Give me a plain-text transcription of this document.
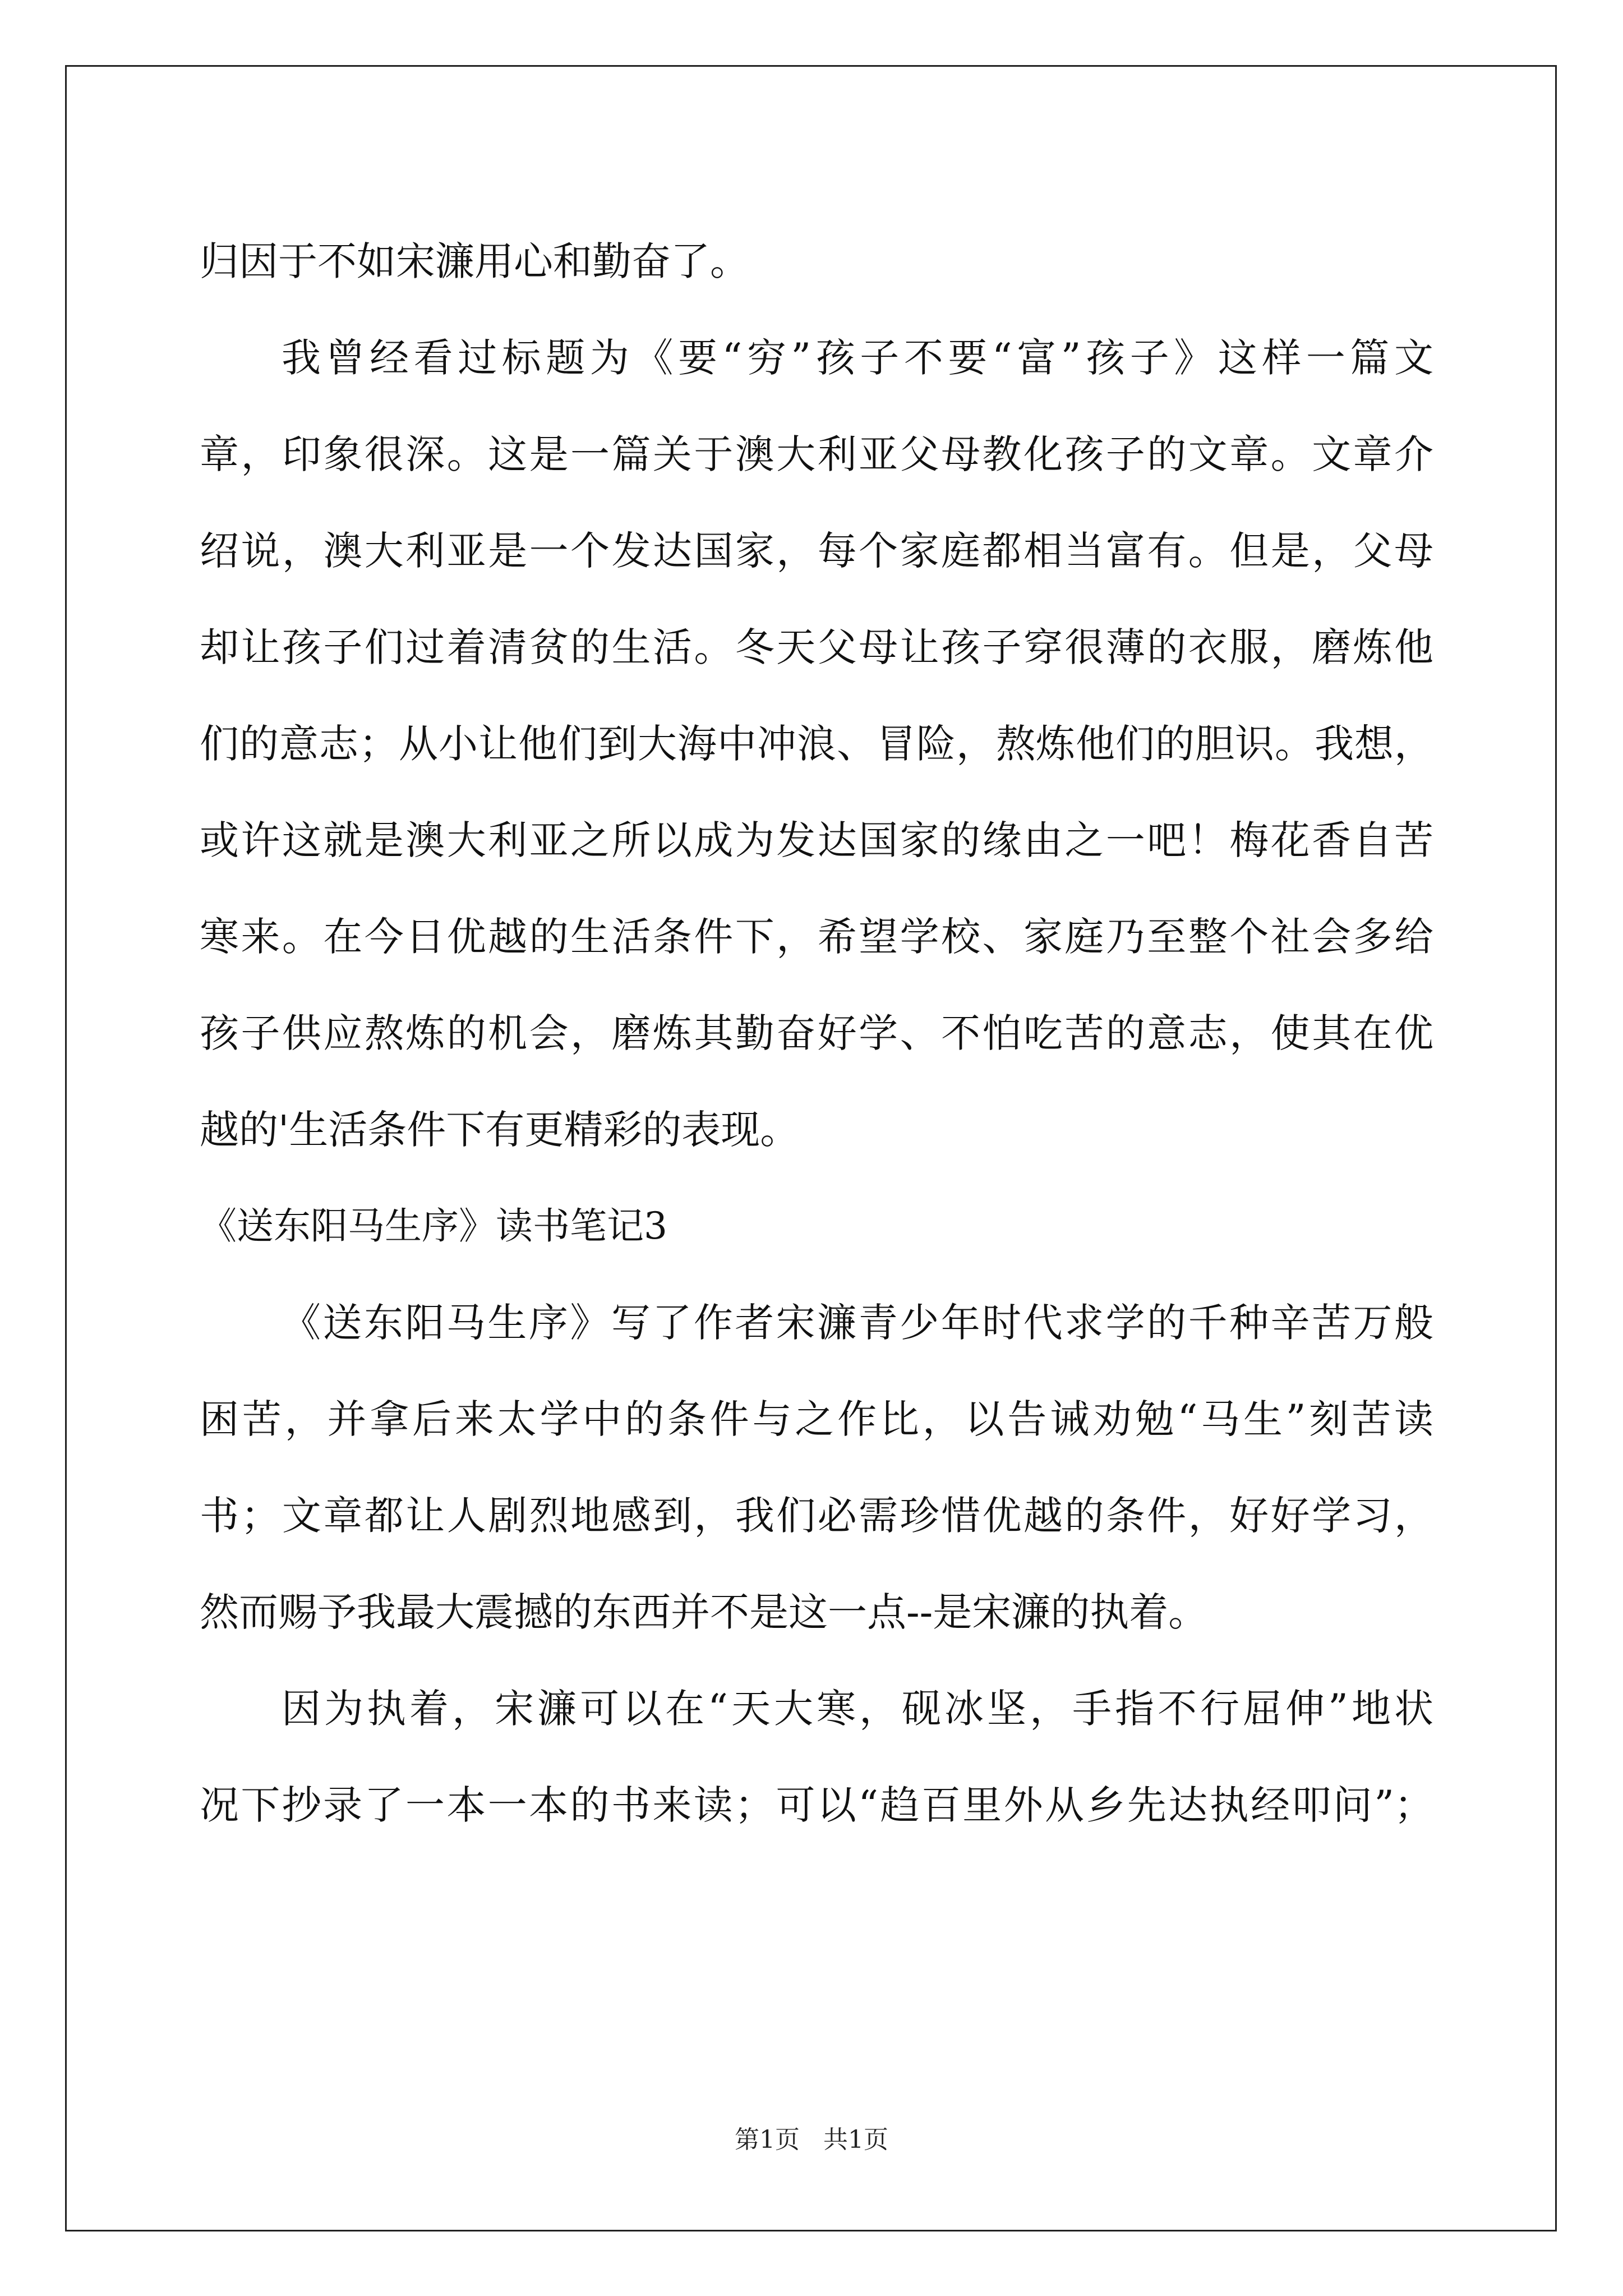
归因于不如宋濂用心和勤奋了。
我曾经看过标题为《要“穷”孩子不要“富”孩子》这样一篇文
章，印象很深。这是一篇关于澳大利亚父母教化孩子的文章。文章介
绍说，澳大利亚是一个发达国家，每个家庭都相当富有。但是，父母
却让孩子们过着清贫的生活。冬天父母让孩子穿很薄的衣服，磨炼他
们的意志；从小让他们到大海中冲浪、冒险，熬炼他们的胆识。我想，
或许这就是澳大利亚之所以成为发达国家的缘由之一吧！梅花香自苦
寒来。在今日优越的生活条件下，希望学校、家庭乃至整个社会多给
孩子供应熬炼的机会，磨炼其勤奋好学、不怕吃苦的意志，使其在优
越的'生活条件下有更精彩的表现。
《送东阳马生序》读书笔记3
《送东阳马生序》写了作者宋濂青少年时代求学的千种辛苦万般
困苦，并拿后来太学中的条件与之作比，以告诫劝勉“马生”刻苦读
书；文章都让人剧烈地感到，我们必需珍惜优越的条件，好好学习，
然而赐予我最大震撼的东西并不是这一点--是宋濂的执着。
因为执着，宋濂可以在“天大寒，砚冰坚，手指不行屈伸”地状
况下抄录了一本一本的书来读；可以“趋百里外从乡先达执经叩问”；
第1页 共1页
